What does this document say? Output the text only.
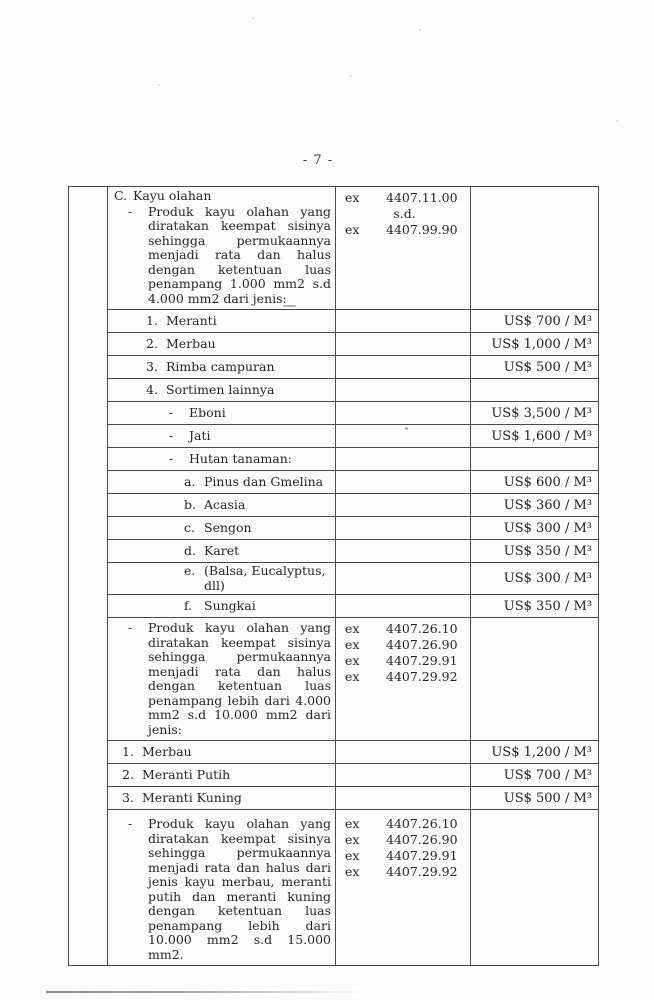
- 7 -

C. Kayu olahan
-	Produk kayu olahan yang diratakan keempat sisinya sehingga permukaannya menjadi rata dan halus dengan ketentuan luas penampang 1.000 mm2 s.d 4.000 mm2 dari jenis:

ex	4407.11.00
s.d.
ex	4407.99.90

	1. Meranti		US$ 700 / M³

	2. Merbau		US$ 1,000 / M³

	3. Rimba campuran		US$ 500 / M³

	4. Sortimen lainnya		

	- Eboni		US$ 3,500 / M³

	- Jati		US$ 1,600 / M³

	- Hutan tanaman:		

	a. Pinus dan Gmelina		US$ 600 / M³

	b. Acasia		US$ 360 / M³

	c. Sengon		US$ 300 / M³

	d. Karet		US$ 350 / M³

	e. (Balsa, Eucalyptus, dll)		US$ 300 / M³

	f. Sungkai		US$ 350 / M³

-	Produk kayu olahan yang diratakan keempat sisinya sehingga permukaannya menjadi rata dan halus dengan ketentuan luas penampang lebih dari 4.000 mm2 s.d 10.000 mm2 dari jenis:

ex	4407.26.10
ex	4407.26.90
ex	4407.29.91
ex	4407.29.92

	1. Merbau		US$ 1,200 / M³

	2. Meranti Putih		US$ 700 / M³

	3. Meranti Kuning		US$ 500 / M³

-	Produk kayu olahan yang diratakan keempat sisinya sehingga permukaannya menjadi rata dan halus dari jenis kayu merbau, meranti putih dan meranti kuning dengan ketentuan luas penampang lebih dari 10.000 mm2 s.d 15.000 mm2.

ex	4407.26.10
ex	4407.26.90
ex	4407.29.91
ex	4407.29.92
